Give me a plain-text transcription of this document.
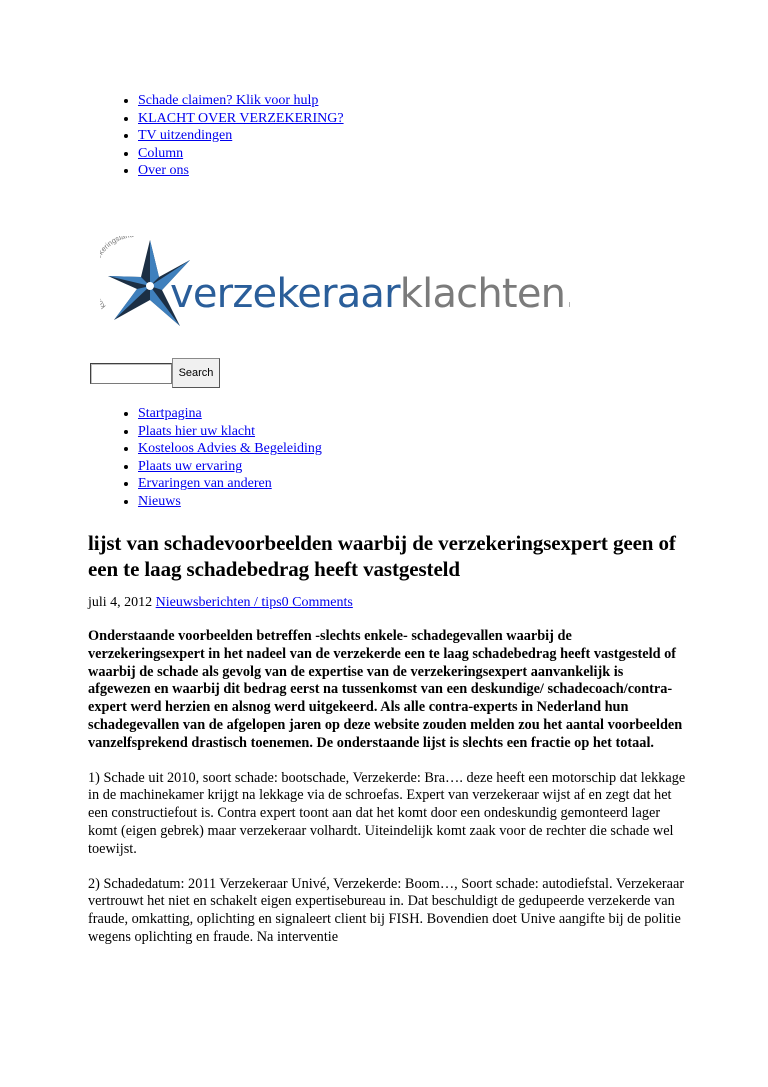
• Schade claimen? Klik voor hulp
• KLACHT OVER VERZEKERING?
• TV uitzendingen
• Column
• Over ons
ringsla
verzekeraarklachten
Search
• Startpagina
• Plaats hier uw klacht
• Kosteloos Advies & Begeleiding
• Plaats uw ervaring
• Ervaringen van anderen
• Nieuws
lijst van schadevoorbeelden waarbij de verzekeringsexpert geen of een te laag schadebedrag heeft vastgesteld
juli 4, 2012 Nieuwsberichten / tips0 Comments

Onderstaande voorbeelden betreffen -slechts enkele- schadegevallen waarbij de verzekeringsexpert in het nadeel van de verzekerde een te laag schadebedrag heeft vastgesteld of waarbij de schade als gevolg van de expertise van de verzekeringsexpert aanvankelijk is afgewezen en waarbij dit bedrag eerst na tussenkomst van een deskundige/ schadecoach/contra-expert werd herzien en alsnog werd uitgekeerd. Als alle contra-experts in Nederland hun schadegevallen van de afgelopen jaren op deze website zouden melden zou het aantal voorbeelden vanzelfsprekend drastisch toenemen. De onderstaande lijst is slechts een fractie op het totaal.

1) Schade uit 2010, soort schade: bootschade, Verzekerde: Bra…. deze heeft een motorschip dat lekkage in de machinekamer krijgt na lekkage via de schroefas. Expert van verzekeraar wijst af en zegt dat het een constructiefout is. Contra expert toont aan dat het komt door een ondeskundig gemonteerd lager komt (eigen gebrek) maar verzekeraar volhardt. Uiteindelijk komt zaak voor de rechter die schade wel toewijst.

2) Schadedatum: 2011 Verzekeraar Univé, Verzekerde: Boom…, Soort schade: autodiefstal. Verzekeraar vertrouwt het niet en schakelt eigen expertisebureau in. Dat beschuldigt de gedupeerde verzekerde van fraude, omkatting, oplichting en signaleert client bij FISH. Bovendien doet Unive aangifte bij de politie wegens oplichting en fraude. Na interventie
